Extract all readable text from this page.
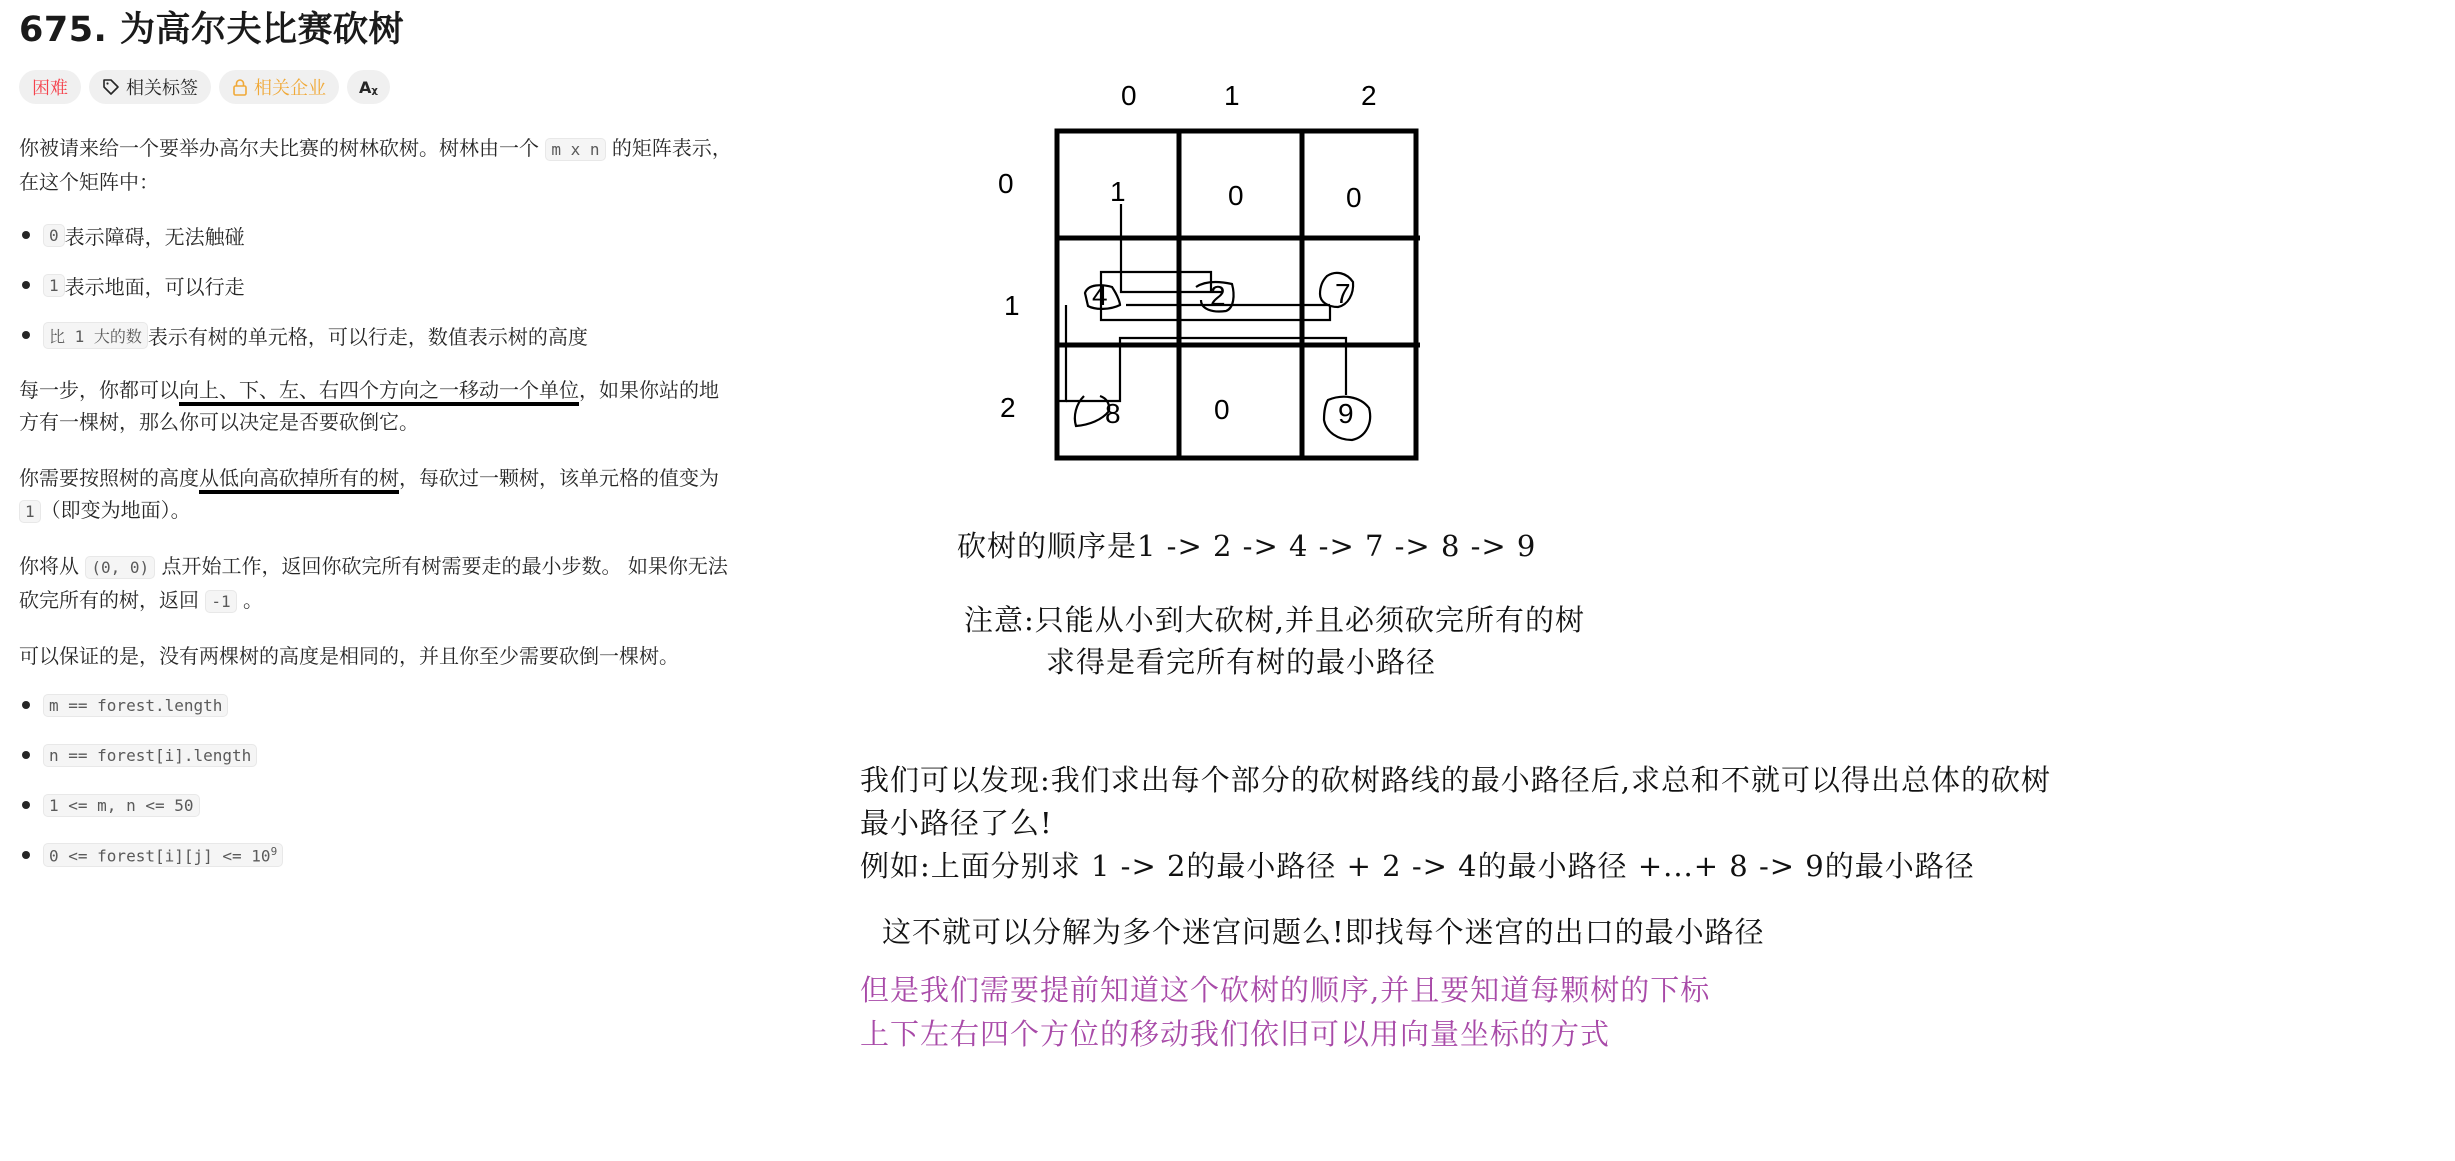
675. 为高尔夫比赛砍树
困难	相关标签	相关企业 Aᵪ
你被请来给一个要举办高尔夫比赛的树林砍树。树林由一个 m x n 的矩阵表示， 在这个矩阵中：
0 表示障碍，无法触碰
1 表示地面，可以行走
比 1 大的数 表示有树的单元格，可以行走，数值表示树的高度
每一步，你都可以向上、下、左、右四个方向之一移动一个单位，如果你站的地方有一棵树，那么你可以决定是否要砍倒它。
你需要按照树的高度从低向高砍掉所有的树，每砍过一颗树，该单元格的值变为 1 （即变为地面）。
你将从 (0, 0) 点开始工作，返回你砍完所有树需要走的最小步数。 如果你无法砍完所有的树，返回 -1 。
可以保证的是，没有两棵树的高度是相同的，并且你至少需要砍倒一棵树。
m == forest.length
n == forest[i].length
1 <= m, n <= 50
0 <= forest[i][j] <= $10^9$
0	1	2
0
1
2
1	0	0
4	2	7
8	0	9
砍树的顺序是1 -> 2 -> 4 -> 7 -> 8 -> 9
注意:只能从小到大砍树,并且必须砍完所有的树
求得是看完所有树的最小路径
我们可以发现:我们求出每个部分的砍树路线的最小路径后,求总和不就可以得出总体的砍树
最小路径了么!
例如:上面分别求 1 -> 2的最小路径 + 2 -> 4的最小路径 +...+ 8 -> 9的最小路径
这不就可以分解为多个迷宫问题么!即找每个迷宫的出口的最小路径
但是我们需要提前知道这个砍树的顺序,并且要知道每颗树的下标
上下左右四个方位的移动我们依旧可以用向量坐标的方式
